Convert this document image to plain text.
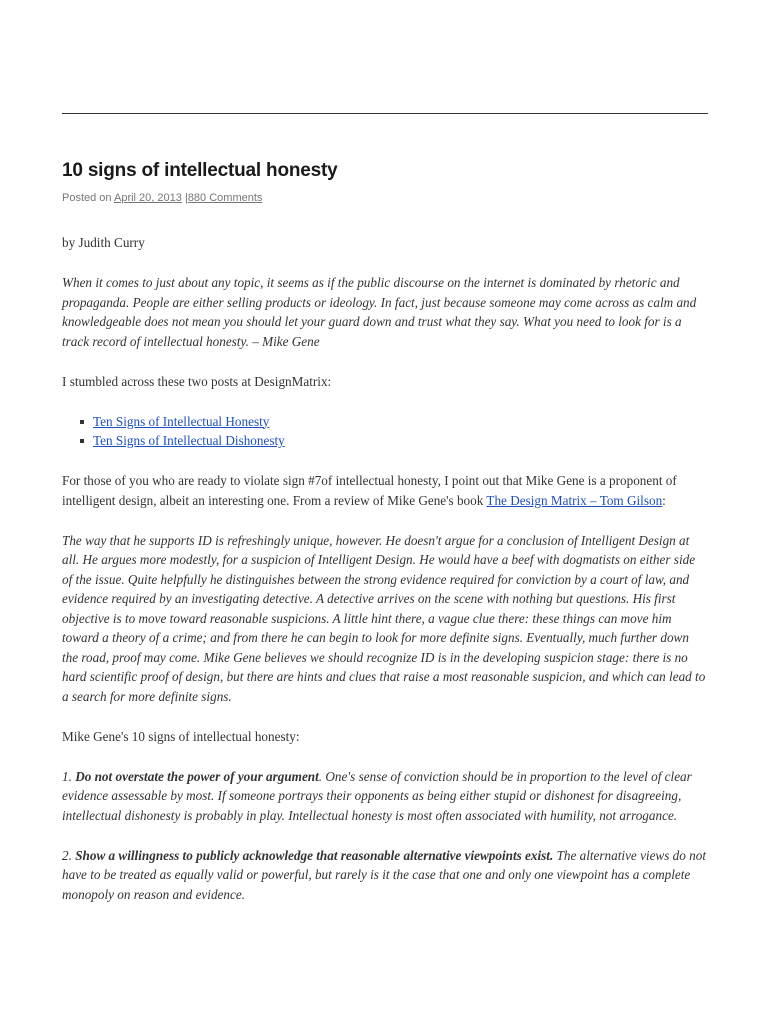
10 signs of intellectual honesty
Posted on April 20, 2013 |880 Comments

by Judith Curry

When it comes to just about any topic, it seems as if the public discourse on the internet is dominated by rhetoric and propaganda. People are either selling products or ideology. In fact, just because someone may come across as calm and knowledgeable does not mean you should let your guard down and trust what they say. What you need to look for is a track record of intellectual honesty. – Mike Gene

I stumbled across these two posts at DesignMatrix:

Ten Signs of Intellectual Honesty
Ten Signs of Intellectual Dishonesty

For those of you who are ready to violate sign #7of intellectual honesty, I point out that Mike Gene is a proponent of intelligent design, albeit an interesting one. From a review of Mike Gene's book The Design Matrix – Tom Gilson:

The way that he supports ID is refreshingly unique, however. He doesn't argue for a conclusion of Intelligent Design at all. He argues more modestly, for a suspicion of Intelligent Design. He would have a beef with dogmatists on either side of the issue. Quite helpfully he distinguishes between the strong evidence required for conviction by a court of law, and evidence required by an investigating detective. A detective arrives on the scene with nothing but questions. His first objective is to move toward reasonable suspicions. A little hint there, a vague clue there: these things can move him toward a theory of a crime; and from there he can begin to look for more definite signs. Eventually, much further down the road, proof may come. Mike Gene believes we should recognize ID is in the developing suspicion stage: there is no hard scientific proof of design, but there are hints and clues that raise a most reasonable suspicion, and which can lead to a search for more definite signs.

Mike Gene's 10 signs of intellectual honesty:

1. Do not overstate the power of your argument. One's sense of conviction should be in proportion to the level of clear evidence assessable by most. If someone portrays their opponents as being either stupid or dishonest for disagreeing, intellectual dishonesty is probably in play. Intellectual honesty is most often associated with humility, not arrogance.

2. Show a willingness to publicly acknowledge that reasonable alternative viewpoints exist. The alternative views do not have to be treated as equally valid or powerful, but rarely is it the case that one and only one viewpoint has a complete monopoly on reason and evidence.
